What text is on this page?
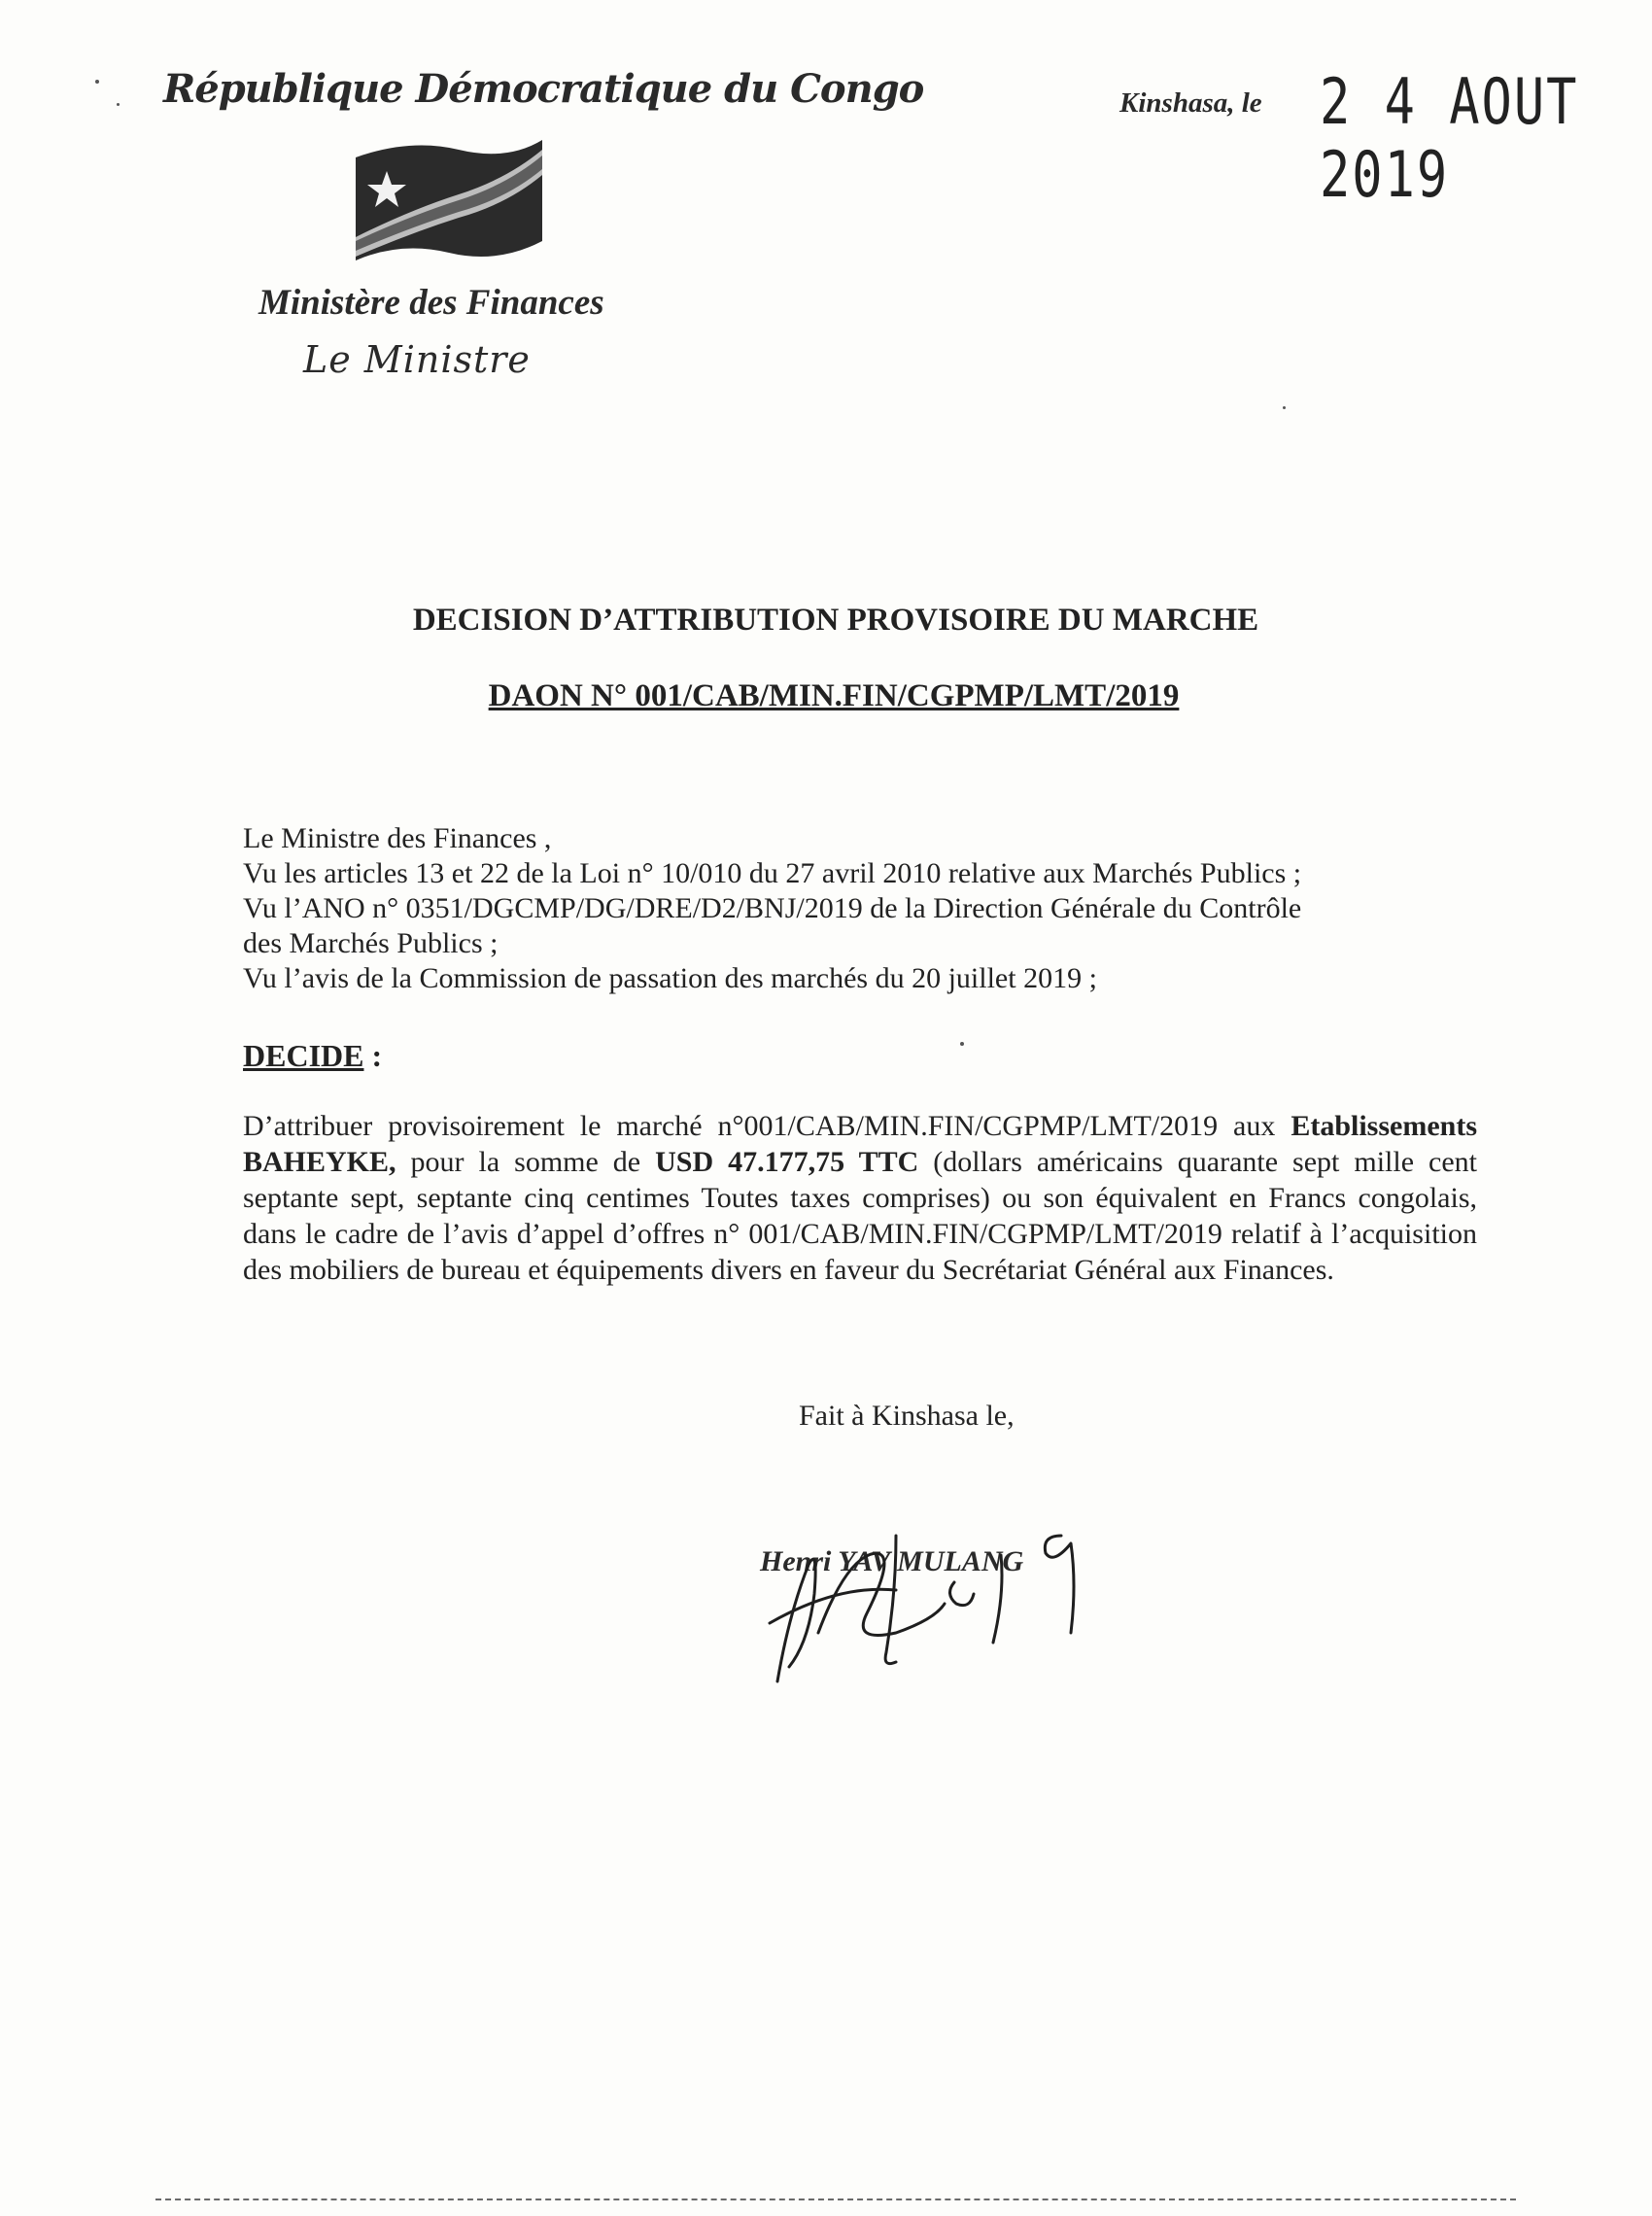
République Démocratique du Congo
Ministère des Finances
Le Ministre
Kinshasa, le 2 4 AOUT 2019
DECISION D’ATTRIBUTION PROVISOIRE DU MARCHE
DAON N° 001/CAB/MIN.FIN/CGPMP/LMT/2019
Le Ministre des Finances ,
Vu les articles 13 et 22 de la Loi n° 10/010 du 27 avril 2010 relative aux Marchés Publics ;
Vu l’ANO n° 0351/DGCMP/DG/DRE/D2/BNJ/2019 de la Direction Générale du Contrôle
des Marchés Publics ;
Vu l’avis de la Commission de passation des marchés du 20 juillet 2019 ;
DECIDE :
D’attribuer provisoirement le marché n°001/CAB/MIN.FIN/CGPMP/LMT/2019 aux Etablissements BAHEYKE, pour la somme de USD 47.177,75 TTC (dollars américains quarante sept mille cent septante sept, septante cinq centimes Toutes taxes comprises) ou son équivalent en Francs congolais, dans le cadre de l’avis d’appel d’offres n° 001/CAB/MIN.FIN/CGPMP/LMT/2019 relatif à l’acquisition des mobiliers de bureau et équipements divers en faveur du Secrétariat Général aux Finances.
Fait à Kinshasa le,
Henri YAV MULANG
